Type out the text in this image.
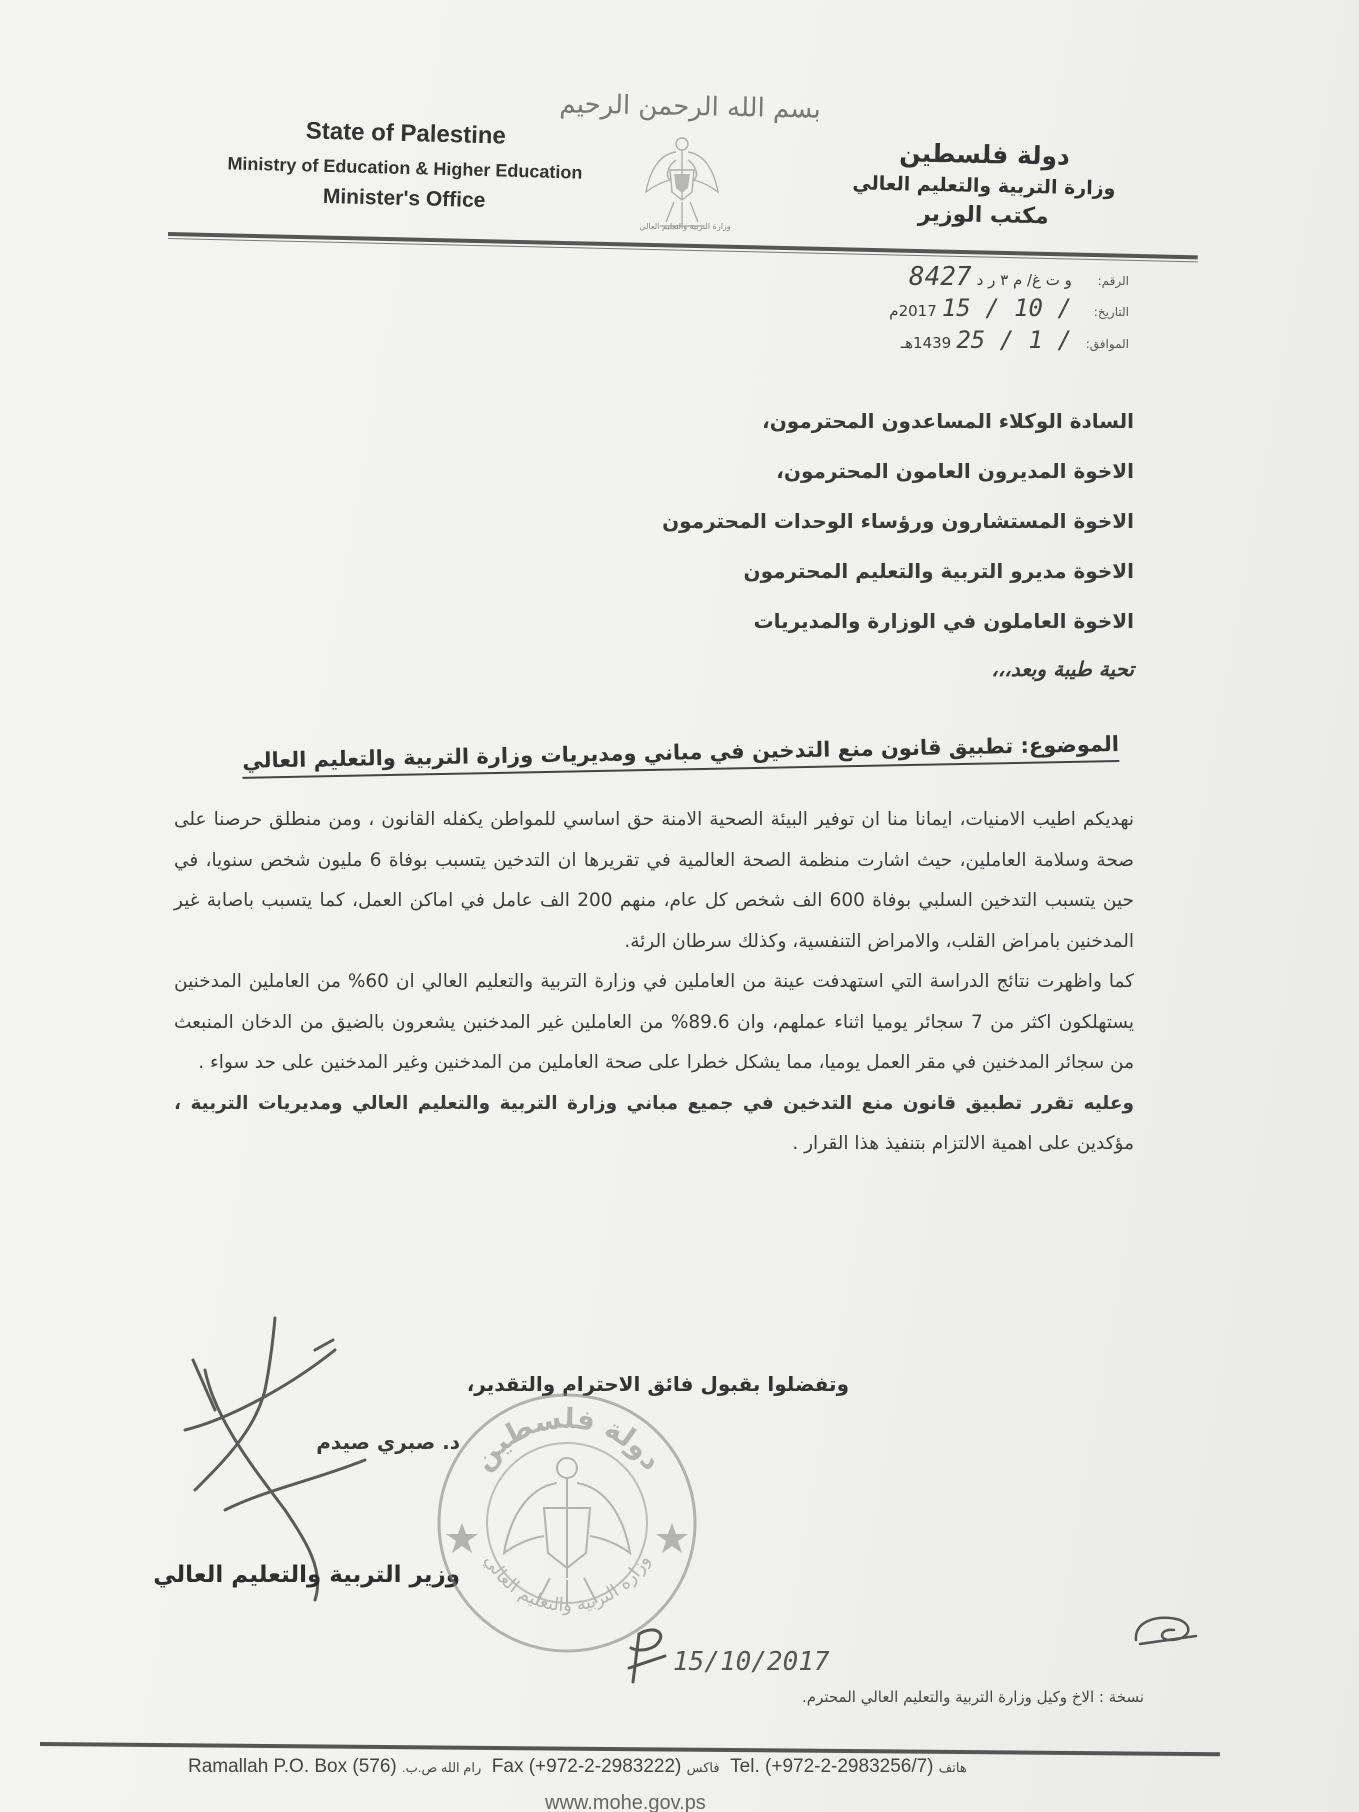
بسم الله الرحمن الرحيم
State of Palestine
Ministry of Education & Higher Education
Minister's Office
وزارة التربية والتعليم العالي
دولة فلسطين
وزارة التربية والتعليم العالي
مكتب الوزير
الرقم: و ت غ/ م ٣ ر د 8427
التاريخ: 15 / 10 / 2017م
الموافق: 25 / 1 / 1439هـ
السادة الوكلاء المساعدون المحترمون،
الاخوة المديرون العامون المحترمون،
الاخوة المستشارون ورؤساء الوحدات المحترمون
الاخوة مديرو التربية والتعليم المحترمون
الاخوة العاملون في الوزارة والمديريات
تحية طيبة وبعد،،،
الموضوع: تطبيق قانون منع التدخين في مباني ومديريات وزارة التربية والتعليم العالي

نهديكم اطيب الامنيات، ايمانا منا ان توفير البيئة الصحية الامنة حق اساسي للمواطن يكفله القانون ، ومن منطلق حرصنا على صحة وسلامة العاملين، حيث اشارت منظمة الصحة العالمية في تقريرها ان التدخين يتسبب بوفاة 6 مليون شخص سنويا، في حين يتسبب التدخين السلبي بوفاة 600 الف شخص كل عام، منهم 200 الف عامل في اماكن العمل، كما يتسبب باصابة غير المدخنين بامراض القلب، والامراض التنفسية، وكذلك سرطان الرئة.

كما واظهرت نتائج الدراسة التي استهدفت عينة من العاملين في وزارة التربية والتعليم العالي ان 60% من العاملين المدخنين يستهلكون اكثر من 7 سجائر يوميا اثناء عملهم، وان 89.6% من العاملين غير المدخنين يشعرون بالضيق من الدخان المنبعث من سجائر المدخنين في مقر العمل يوميا، مما يشكل خطرا على صحة العاملين من المدخنين وغير المدخنين على حد سواء .

وعليه تقرر تطبيق قانون منع التدخين في جميع مباني وزارة التربية والتعليم العالي ومديريات التربية ، مؤكدين على اهمية الالتزام بتنفيذ هذا القرار .

وتفضلوا بقبول فائق الاحترام والتقدير،
د. صبري صيدم
وزير التربية والتعليم العالي
دولة فلسطين
وزارة التربية والتعليم العالي
15/10/2017
نسخة : الاخ وكيل وزارة التربية والتعليم العالي المحترم.
Ramallah P.O. Box (576) رام الله ص.ب. Fax (+972-2-2983222) فاكس Tel. (+972-2-2983256/7) هاتف
www.mohe.gov.ps
